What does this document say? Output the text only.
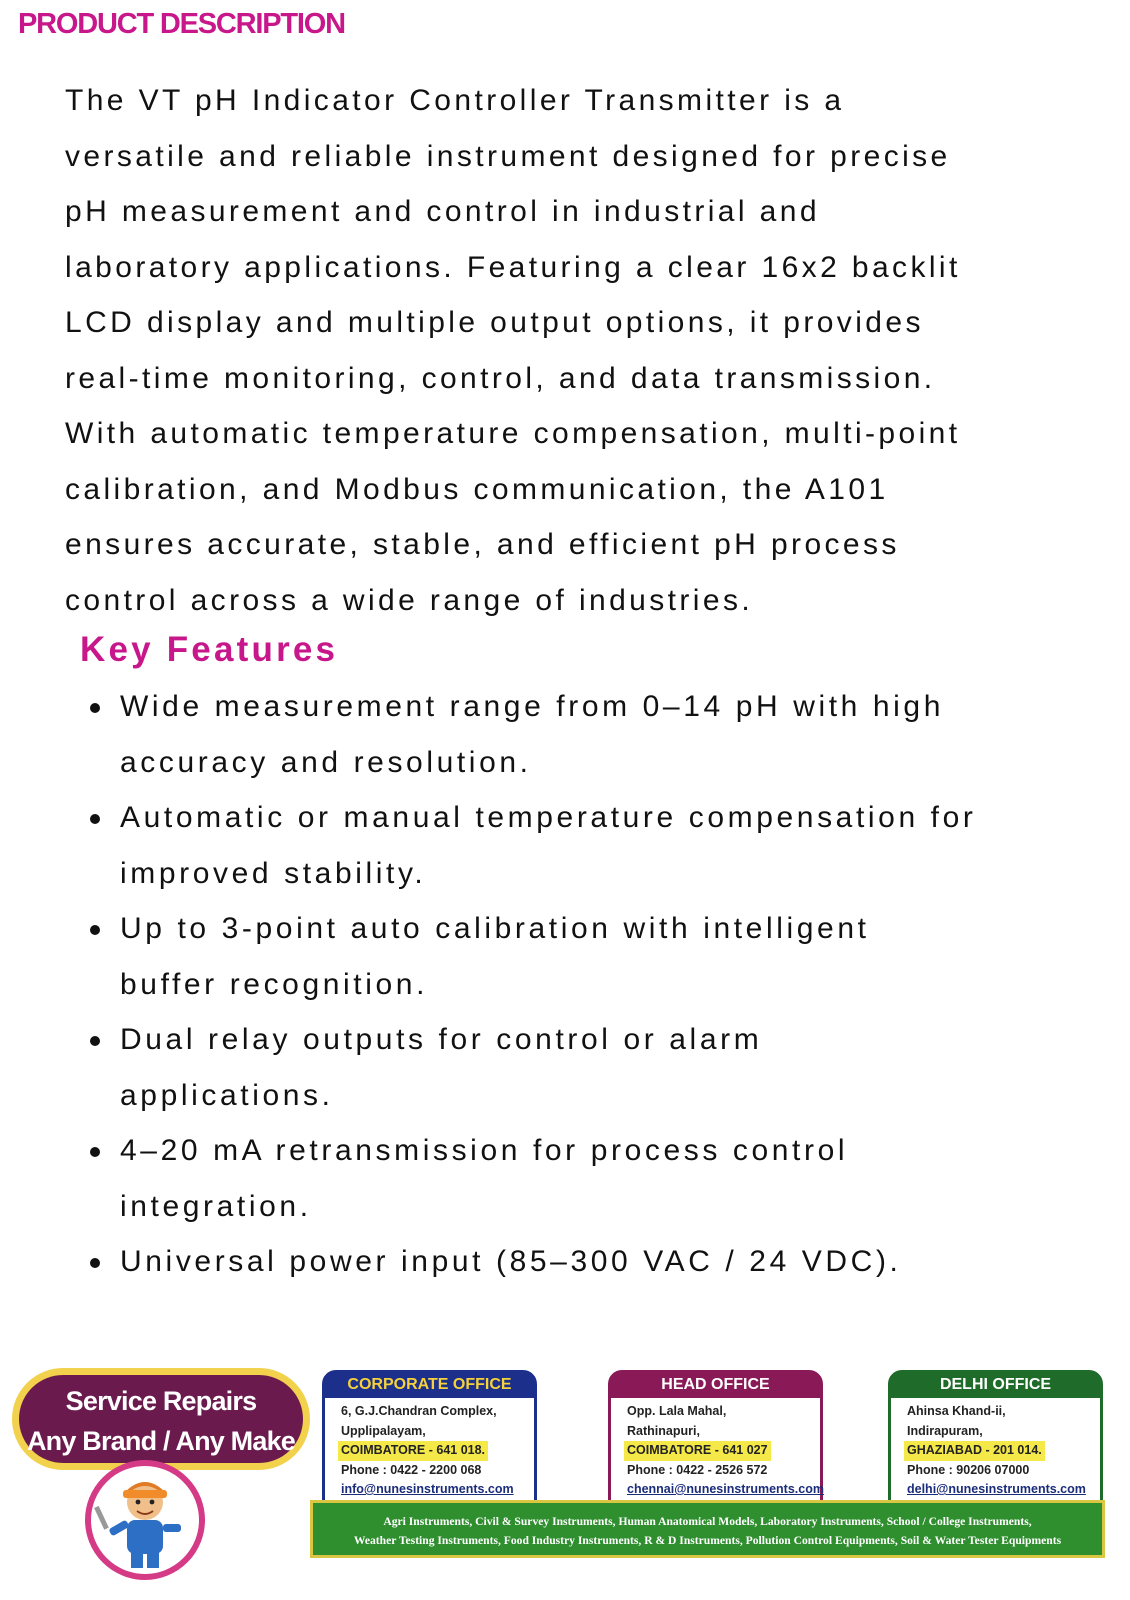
PRODUCT DESCRIPTION
The VT pH Indicator Controller Transmitter is a
versatile and reliable instrument designed for precise
pH measurement and control in industrial and
laboratory applications. Featuring a clear 16x2 backlit
LCD display and multiple output options, it provides
real-time monitoring, control, and data transmission.
With automatic temperature compensation, multi-point
calibration, and Modbus communication, the A101
ensures accurate, stable, and efficient pH process
control across a wide range of industries.
Key Features
Wide measurement range from 0–14 pH with high
accuracy and resolution.
Automatic or manual temperature compensation for
improved stability.
Up to 3-point auto calibration with intelligent
buffer recognition.
Dual relay outputs for control or alarm
applications.
4–20 mA retransmission for process control
integration.
Universal power input (85–300 VAC / 24 VDC).
Service Repairs
Any Brand / Any Make
CORPORATE OFFICE
6, G.J.Chandran Complex,
Upplipalayam,
COIMBATORE - 641 018.
Phone : 0422 - 2200 068
info@nunesinstruments.com
HEAD OFFICE
Opp. Lala Mahal,
Rathinapuri,
COIMBATORE - 641 027
Phone : 0422 - 2526 572
chennai@nunesinstruments.com
DELHI OFFICE
Ahinsa Khand-ii,
Indirapuram,
GHAZIABAD - 201 014.
Phone : 90206 07000
delhi@nunesinstruments.com
Agri Instruments, Civil & Survey Instruments, Human Anatomical Models, Laboratory Instruments, School / College Instruments,
Weather Testing Instruments, Food Industry Instruments, R & D Instruments, Pollution Control Equipments, Soil & Water Tester Equipments
